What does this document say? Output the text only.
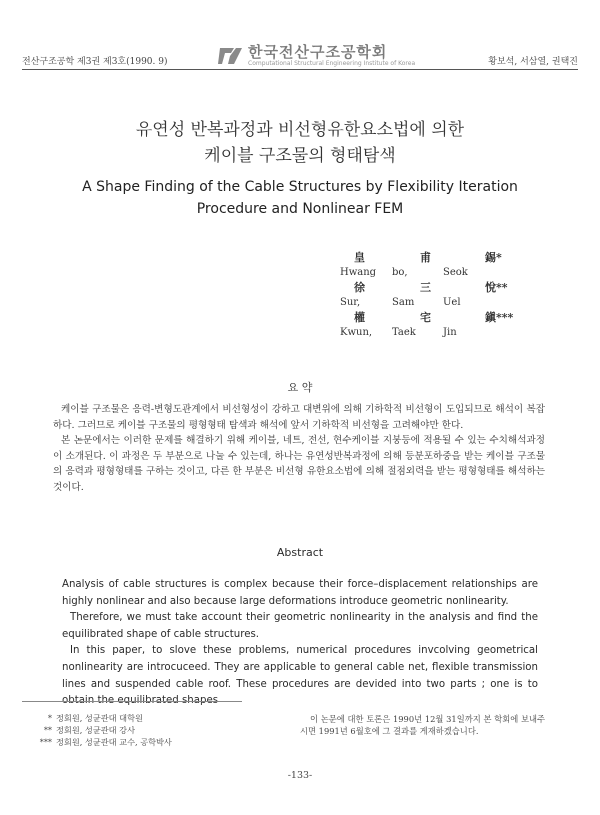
전산구조공학 제3권 제3호(1990. 9)
한국전산구조공학회
Computational Structural Engineering Institute of Korea	황보석, 서삼열, 권택진
유연성 반복과정과 비선형유한요소법에 의한
케이블 구조물의 형태탐색
A Shape Finding of the Cable Structures by Flexibility Iteration
Procedure and Nonlinear FEM
皇	甫	錫*
Hwang	bo,	Seok
徐	三	悅**
Sur,	Sam	Uel
權	宅	鎭***
Kwun,	Taek	Jin
요 약

케이블 구조물은 응력-변형도관계에서 비선형성이 강하고 대변위에 의해 기하학적 비선형이 도입되므로 해석이 복잡하다. 그러므로 케이블 구조물의 평형형태 탐색과 해석에 앞서 기하학적 비선형을 고려해야만 한다.

본 논문에서는 이러한 문제를 해결하기 위해 케이블, 네트, 전선, 현수케이블 지붕등에 적용될 수 있는 수치해석과정이 소개된다. 이 과정은 두 부분으로 나눌 수 있는데, 하나는 유연성반복과정에 의해 등분포하중을 받는 케이블 구조물의 응력과 평형형태를 구하는 것이고, 다른 한 부분은 비선형 유한요소법에 의해 절점외력을 받는 평형형태를 해석하는 것이다.

Abstract

Analysis of cable structures is complex because their force–displacement relationships are highly nonlinear and also because large deformations introduce geometric nonlinearity.

Therefore, we must take account their geometric nonlinearity in the analysis and find the equilibrated shape of cable structures.

In this paper, to slove these problems, numerical procedures invcolving geometrical nonlinearity are introcuceed. They are applicable to general cable net, flexible transmission lines and suspended cable roof. These procedures are devided into two parts ; one is to obtain the equilibrated shapes

* 정회원, 성균관대 대학원
** 정회원, 성균관대 강사
*** 정회원, 성균관대 교수, 공학박사
이 논문에 대한 토론은 1990년 12월 31일까지 본 학회에 보내주시면 1991년 6월호에 그 결과를 게재하겠습니다.
-133-
